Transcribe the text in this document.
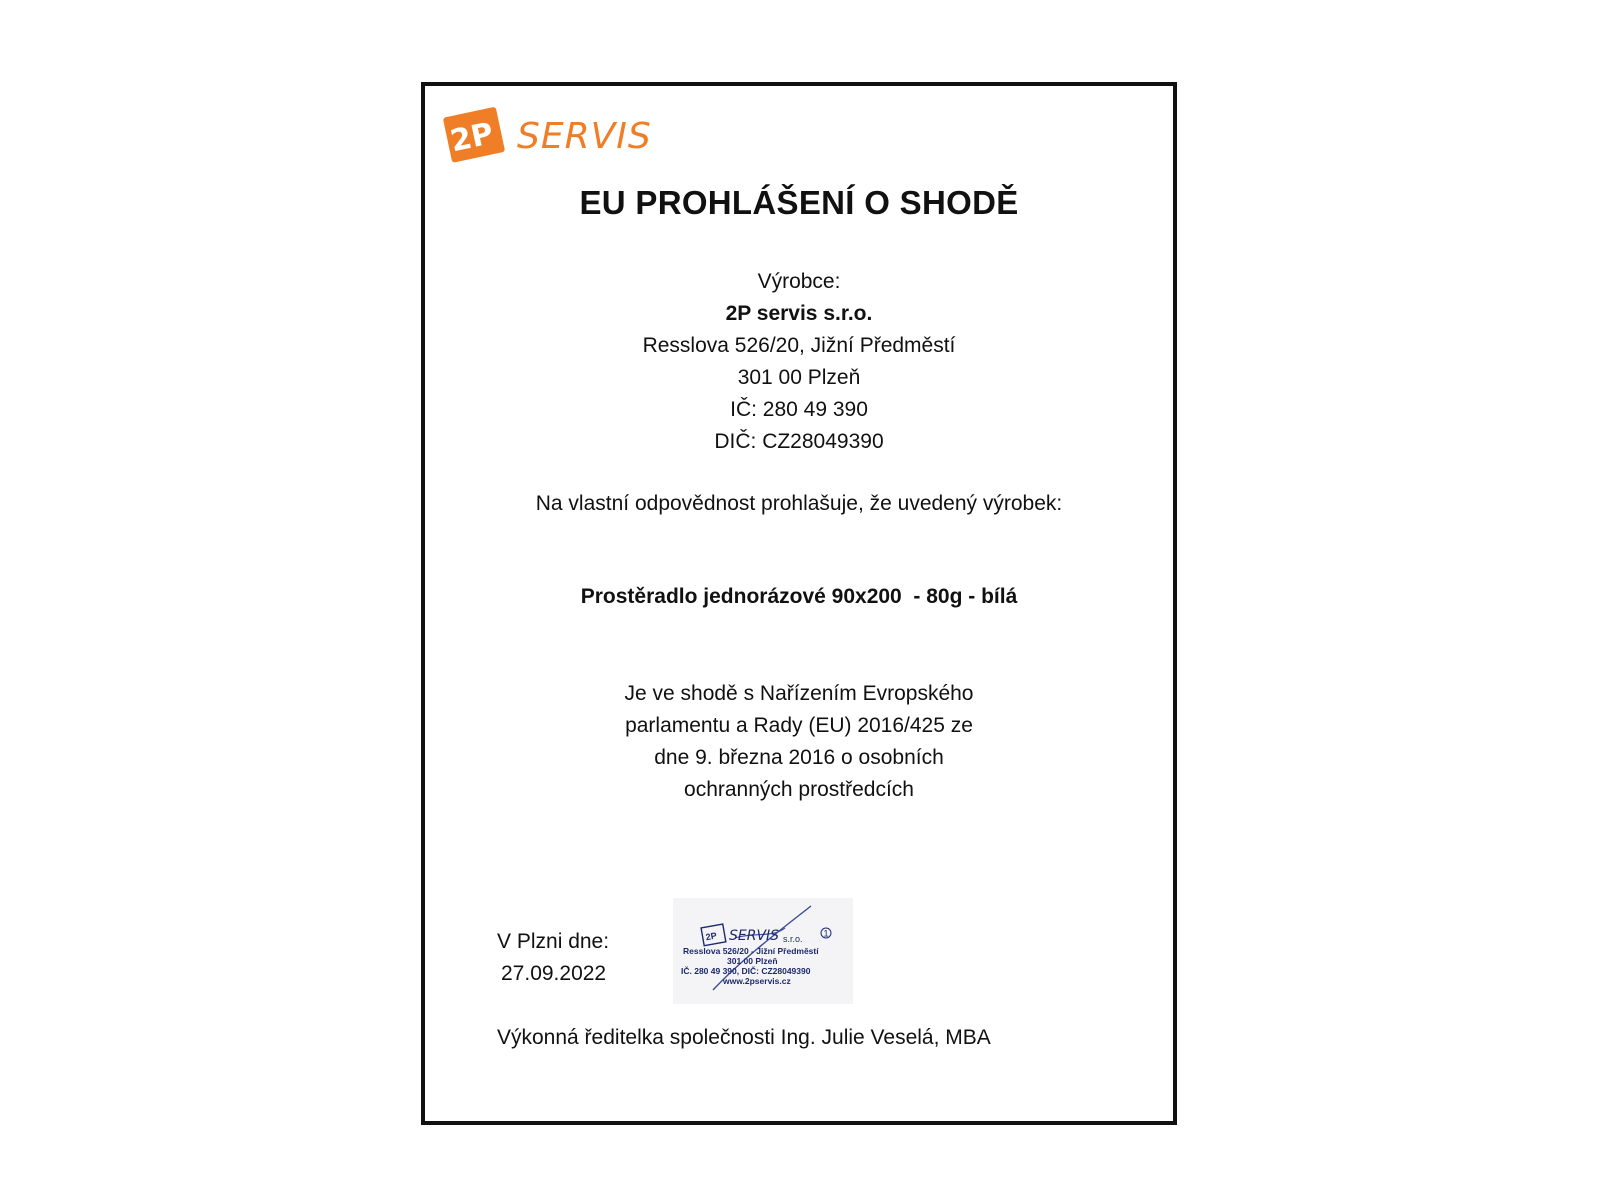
2P SERVIS
EU PROHLÁŠENÍ O SHODĚ
Výrobce:
2P servis s.r.o.
Resslova 526/20, Jižní Předměstí
301 00 Plzeň
IČ: 280 49 390
DIČ: CZ28049390
Na vlastní odpovědnost prohlašuje, že uvedený výrobek:
Prostěradlo jednorázové 90x200  - 80g - bílá
Je ve shodě s Nařízením Evropského
parlamentu a Rady (EU) 2016/425 ze
dne 9. března 2016 o osobních
ochranných prostředcích
V Plzni dne:
27.09.2022
2P SERVIS s.r.o.
1
Resslova 526/20 - Jižní Předměstí
301 00 Plzeň
IČ. 280 49 390, DIČ: CZ28049390
www.2pservis.cz
Výkonná ředitelka společnosti Ing. Julie Veselá, MBA
